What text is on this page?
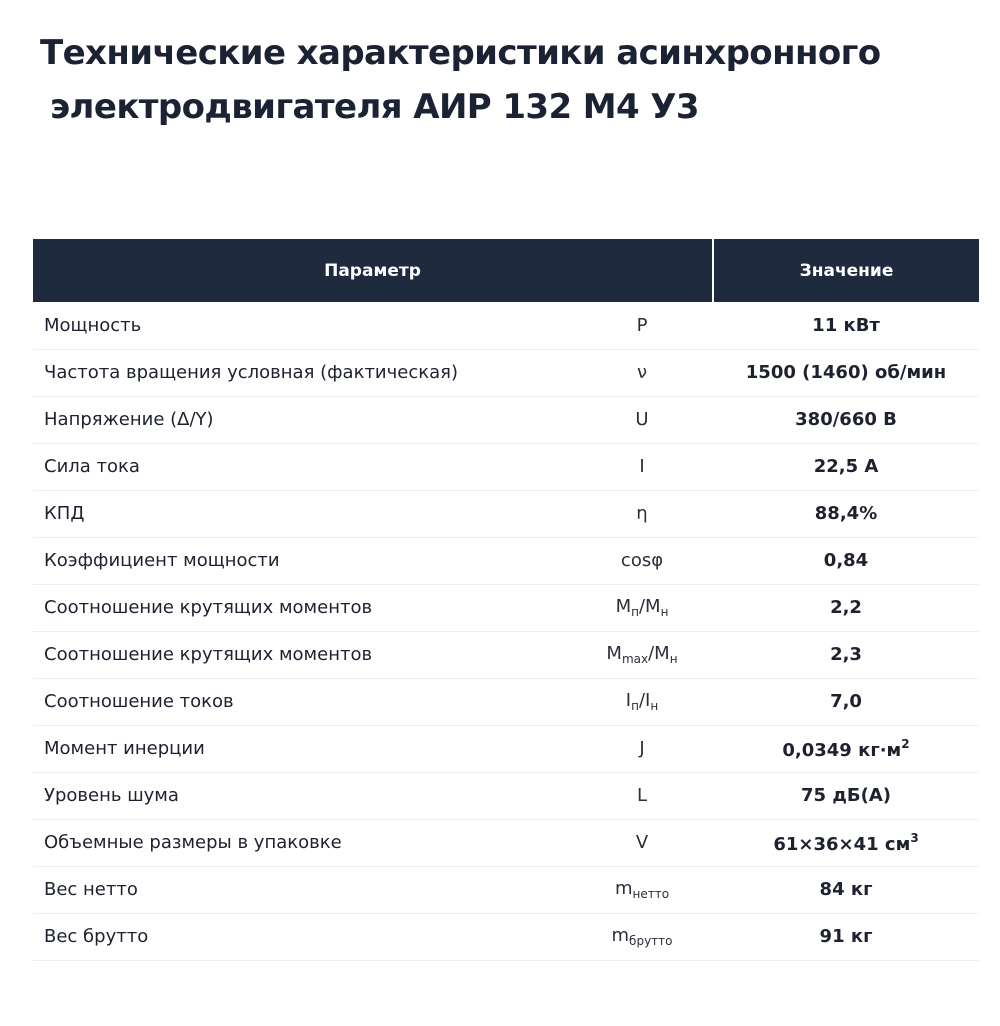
Технические характеристики асинхронного
электродвигателя АИР 132 М4 У3
Параметр		Значение
Мощность	P	11 кВт
Частота вращения условная (фактическая)	ν	1500 (1460) об/мин
Напряжение (Δ/Y)	U	380/660 В
Сила тока	I	22,5 А
КПД	η	88,4%
Коэффициент мощности	cosφ	0,84
Соотношение крутящих моментов	$M_п/M_н$	2,2
Соотношение крутящих моментов	$M_{max}/M_н$	2,3
Соотношение токов	$I_п/I_н$	7,0
Момент инерции	J	0,0349 $кг\cdot м^2$
Уровень шума	L	75 дБ(А)
Объемные размеры в упаковке	V	61×36×41 $см^3$
Вес нетто	$m_{нетто}$	84 кг
Вес брутто	$m_{брутто}$	91 кг
